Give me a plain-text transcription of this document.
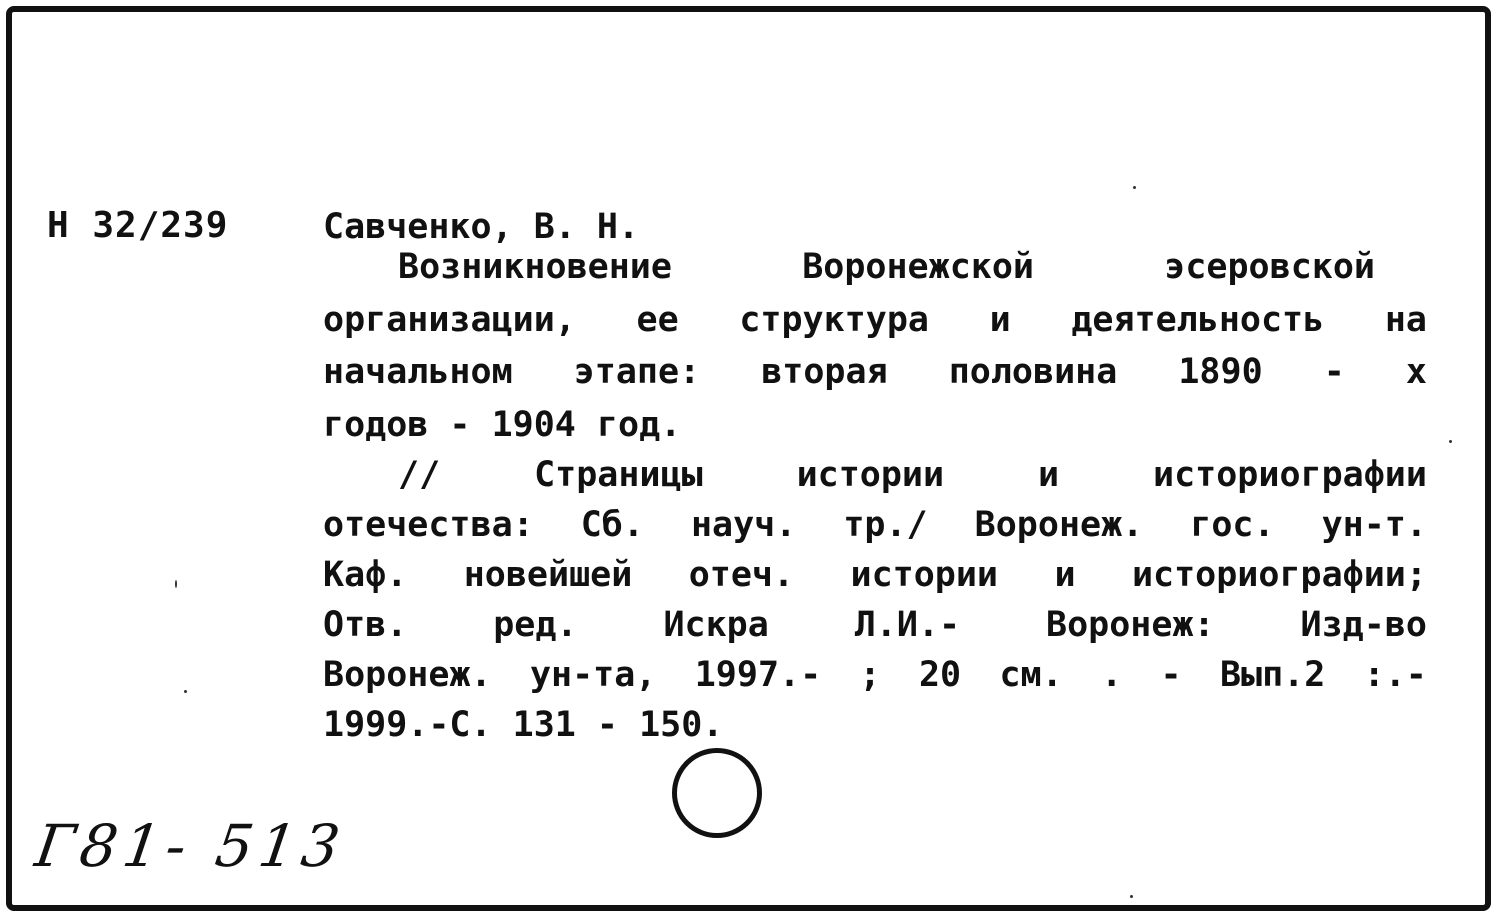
Н 32/239	Савченко, В. Н.
Возникновение	Воронежской	эсеровской
организации, ее структура и деятельность на
начальном этапе: вторая половина 1890 - х
годов - 1904 год.
//	Страницы	истории	и	историографии
отечества: Сб. науч. тр./ Воронеж. гос. ун-т.
Каф. новейшей отеч. истории и историографии;
Отв. ред. Искра Л.И.- Воронеж: Изд-во
Воронеж. ун-та, 1997.- ; 20 см. . - Вып.2 :.-
1999.-С. 131 - 150.
Г81- 513
